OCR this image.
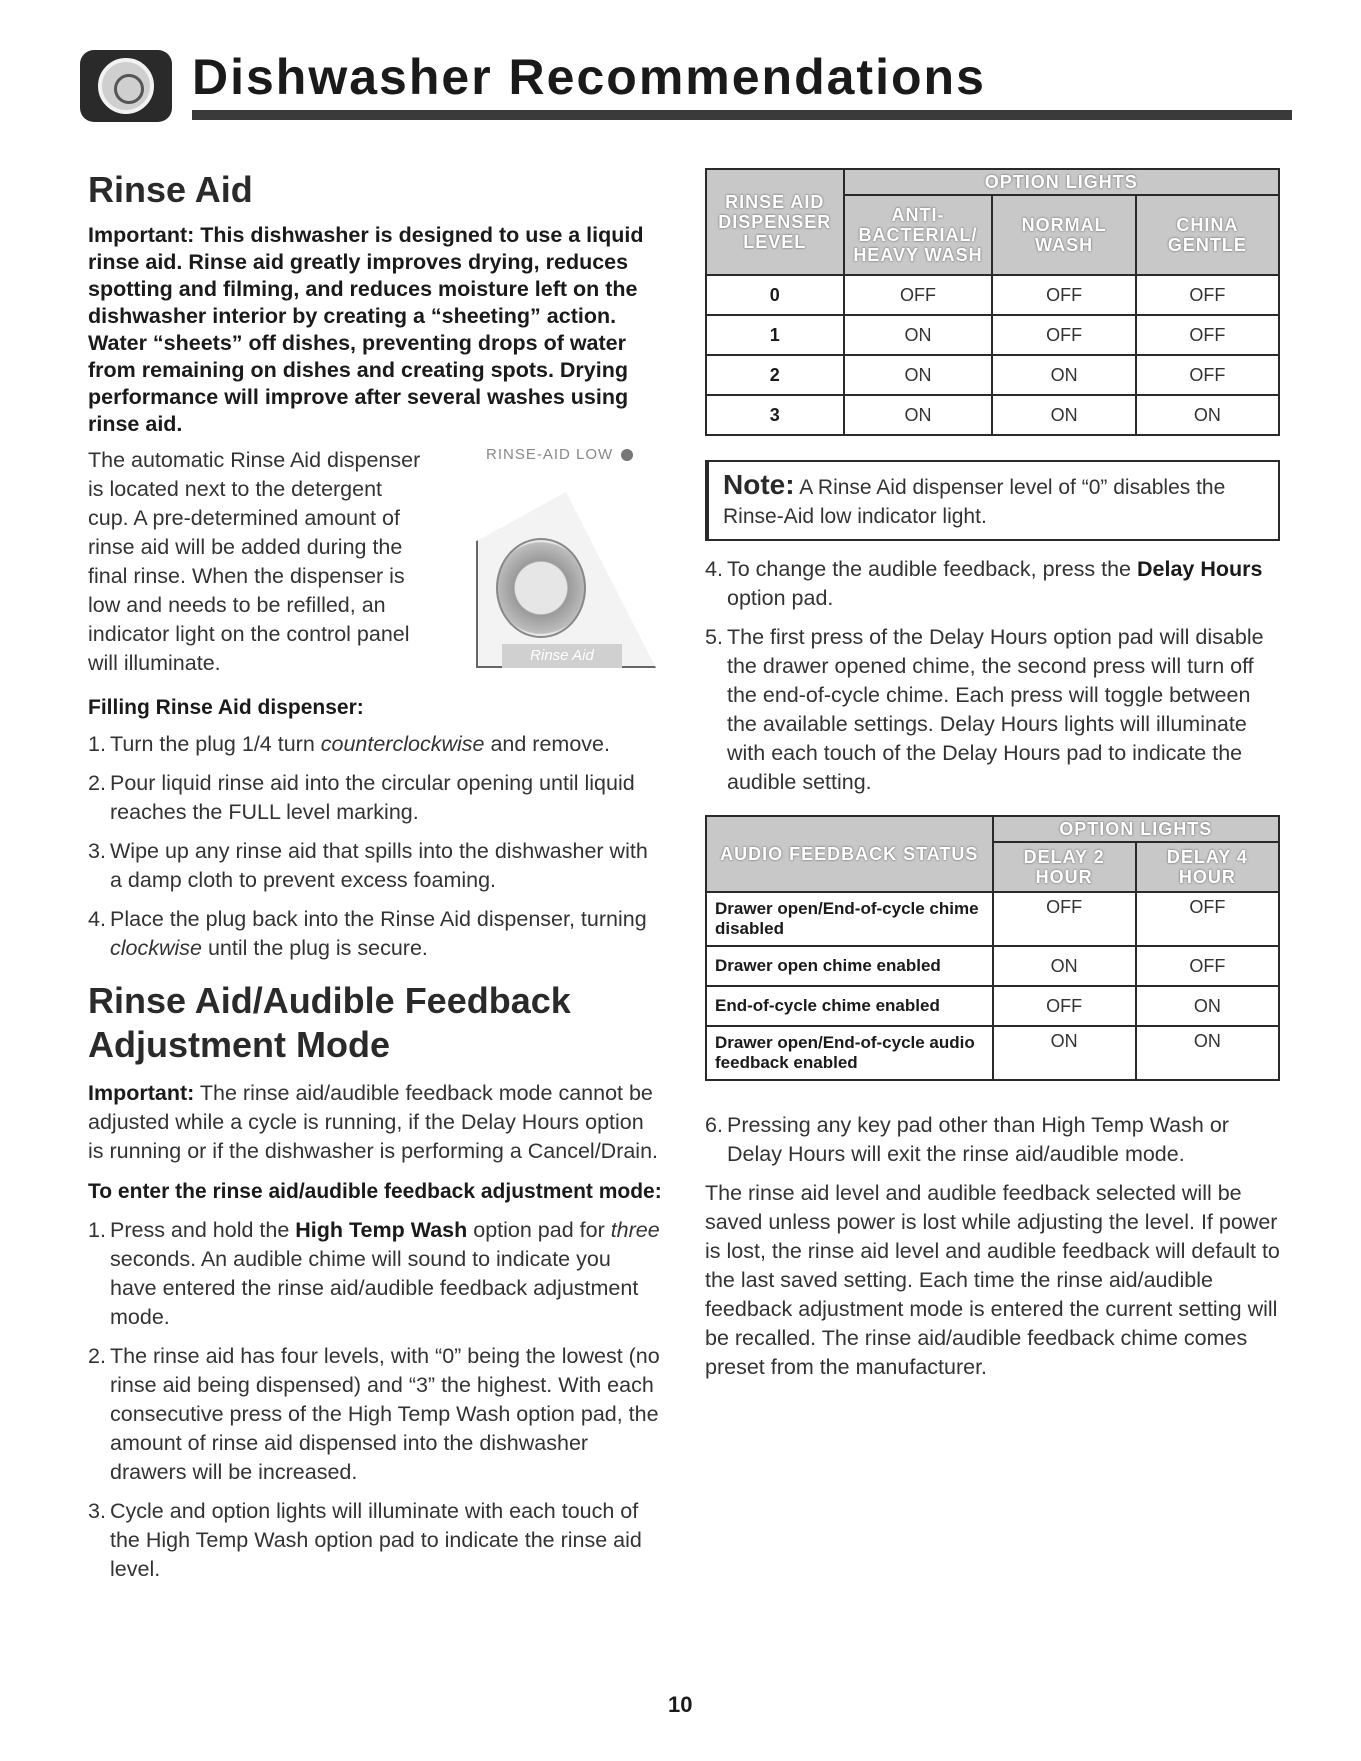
Dishwasher Recommendations
Rinse Aid

Important: This dishwasher is designed to use a liquid rinse aid. Rinse aid greatly improves drying, reduces spotting and filming, and reduces moisture left on the dishwasher interior by creating a “sheeting” action. Water “sheets” off dishes, preventing drops of water from remaining on dishes and creating spots. Drying performance will improve after several washes using rinse aid.

The automatic Rinse Aid dispenser

is located next to the detergent

cup. A pre-determined amount of

rinse aid will be added during the

final rinse. When the dispenser is

low and needs to be refilled, an

indicator light on the control panel

will illuminate.

RINSE-AID LOW
Rinse Aid

Filling Rinse Aid dispenser:

1. Turn the plug 1/4 turn counterclockwise and remove.
2. Pour liquid rinse aid into the circular opening until liquid reaches the FULL level marking.
3. Wipe up any rinse aid that spills into the dishwasher with a damp cloth to prevent excess foaming.
4. Place the plug back into the Rinse Aid dispenser, turning clockwise until the plug is secure.
Rinse Aid/Audible Feedback Adjustment Mode

Important: The rinse aid/audible feedback mode cannot be adjusted while a cycle is running, if the Delay Hours option is running or if the dishwasher is performing a Cancel/Drain.

To enter the rinse aid/audible feedback adjustment mode:

1. Press and hold the High Temp Wash option pad for three seconds. An audible chime will sound to indicate you have entered the rinse aid/audible feedback adjustment mode.
2. The rinse aid has four levels, with “0” being the lowest (no rinse aid being dispensed) and “3” the highest. With each consecutive press of the High Temp Wash option pad, the amount of rinse aid dispensed into the dishwasher drawers will be increased.
3. Cycle and option lights will illuminate with each touch of the High Temp Wash option pad to indicate the rinse aid level.
RINSE AID DISPENSER LEVEL	OPTION LIGHTS		
	ANTI-BACTERIAL/ HEAVY WASH	NORMAL WASH	CHINA GENTLE
0	OFF	OFF	OFF
1	ON	OFF	OFF
2	ON	ON	OFF
3	ON	ON	ON
Note: A Rinse Aid dispenser level of “0” disables the Rinse-Aid low indicator light.
4. To change the audible feedback, press the Delay Hours option pad.
5. The first press of the Delay Hours option pad will disable the drawer opened chime, the second press will turn off the end-of-cycle chime. Each press will toggle between the available settings. Delay Hours lights will illuminate with each touch of the Delay Hours pad to indicate the audible setting.
AUDIO FEEDBACK STATUS	OPTION LIGHTS	
	DELAY 2 HOUR	DELAY 4 HOUR
Drawer open/End-of-cycle chime disabled	OFF	OFF
Drawer open chime enabled	ON	OFF
End-of-cycle chime enabled	OFF	ON
Drawer open/End-of-cycle audio feedback enabled	ON	ON
6. Pressing any key pad other than High Temp Wash or Delay Hours will exit the rinse aid/audible mode.

The rinse aid level and audible feedback selected will be saved unless power is lost while adjusting the level. If power is lost, the rinse aid level and audible feedback will default to the last saved setting. Each time the rinse aid/audible feedback adjustment mode is entered the current setting will be recalled. The rinse aid/audible feedback chime comes preset from the manufacturer.

10
